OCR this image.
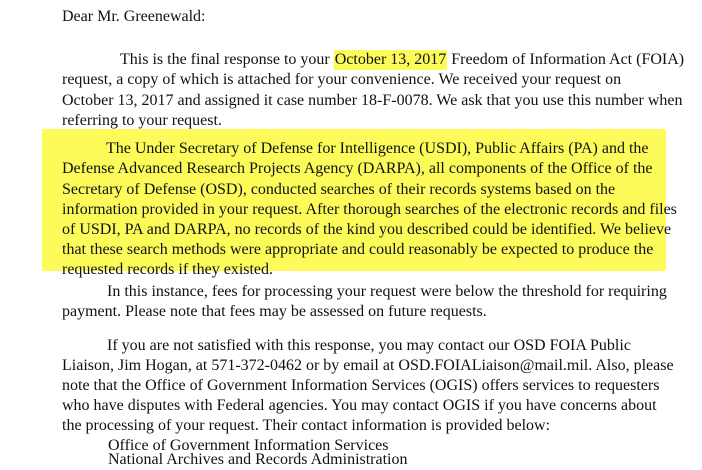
Dear Mr. Greenewald:
This is the final response to your October 13, 2017 Freedom of Information Act (FOIA)
request, a copy of which is attached for your convenience. We received your request on
October 13, 2017 and assigned it case number 18-F-0078. We ask that you use this number when
referring to your request.
The Under Secretary of Defense for Intelligence (USDI), Public Affairs (PA) and the
Defense Advanced Research Projects Agency (DARPA), all components of the Office of the
Secretary of Defense (OSD), conducted searches of their records systems based on the
information provided in your request. After thorough searches of the electronic records and files
of USDI, PA and DARPA, no records of the kind you described could be identified. We believe
that these search methods were appropriate and could reasonably be expected to produce the
requested records if they existed.
In this instance, fees for processing your request were below the threshold for requiring
payment. Please note that fees may be assessed on future requests.
If you are not satisfied with this response, you may contact our OSD FOIA Public
Liaison, Jim Hogan, at 571-372-0462 or by email at OSD.FOIALiaison@mail.mil. Also, please
note that the Office of Government Information Services (OGIS) offers services to requesters
who have disputes with Federal agencies. You may contact OGIS if you have concerns about
the processing of your request. Their contact information is provided below:
Office of Government Information Services
National Archives and Records Administration
